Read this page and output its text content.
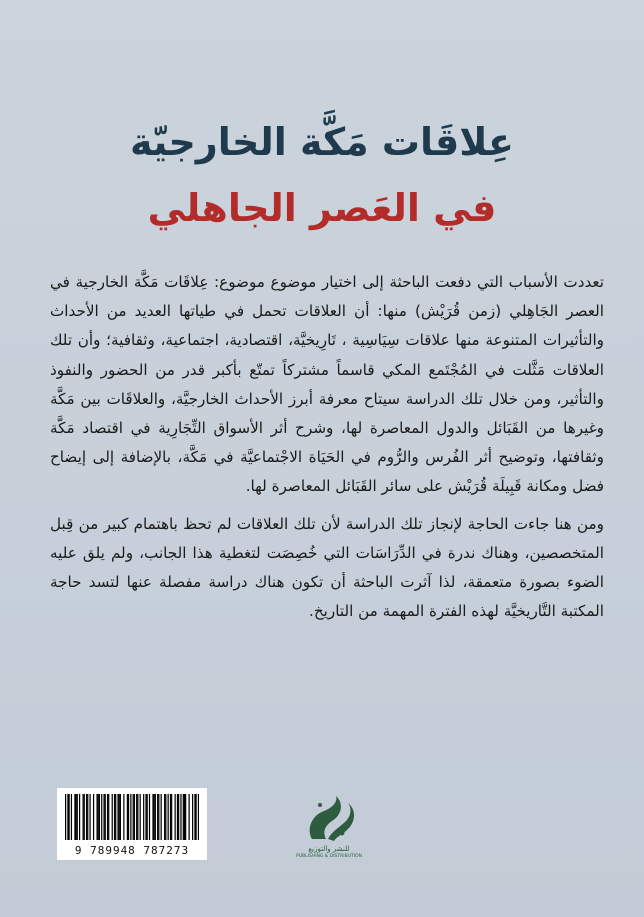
عِلاقَات مَكَّة الخارجيّة
في العَصر الجاهلي

تعددت الأسباب التي دفعت الباحثة إلى اختيار موضوع موضوع: عِلاقَات مَكَّة الخارجية في العصر الجَاهِلي (زمن قُرَيْش) منها: أن العلاقات تحمل في طياتها العديد من الأحداث والتأثيرات المتنوعة منها علاقات سِيَاسِية ، تَارِيخيَّة، اقتصادية، اجتماعية، وثقافية؛ وأن تلك العلاقات مَثَّلت في المُجْتَمع المكي قاسماً مشتركاً تمتّع بأكبر قدر من الحضور والنفوذ والتأثير، ومن خلال تلك الدراسة سيتاح معرفة أبرز الأحداث الخارجيَّة، والعلاقَات بين مَكَّة وغيرها من القَبَائل والدول المعاصرة لها، وشرح أثر الأسواق التِّجَارِية في اقتصاد مَكَّة وثقافتها، وتوضيح أثر الفُرس والرُّوم في الحَيَاة الاجْتماعيَّة في مَكَّة، بالإضافة إلى إيضاح فضل ومكانة قَبِيلَة قُرَيْش على سائر القَبَائل المعاصرة لها.

ومن هنا جاءت الحاجة لإنجاز تلك الدراسة لأن تلك العلاقات لم تحظ باهتمام كبير من قِبل المتخصصين، وهناك ندرة في الدِّرَاسَات التي خُصِصَت لتغطية هذا الجانب، ولم يلق عليه الضوء بصورة متعمقة، لذا آثرت الباحثة أن تكون هناك دراسة مفصلة عنها لتسد حاجة المكتبة التَّاريخيَّة لهذه الفترة المهمة من التاريخ.

9 789948 787273	للنشر والتوزيع
PUBLISHING & DISTRIBUTION
